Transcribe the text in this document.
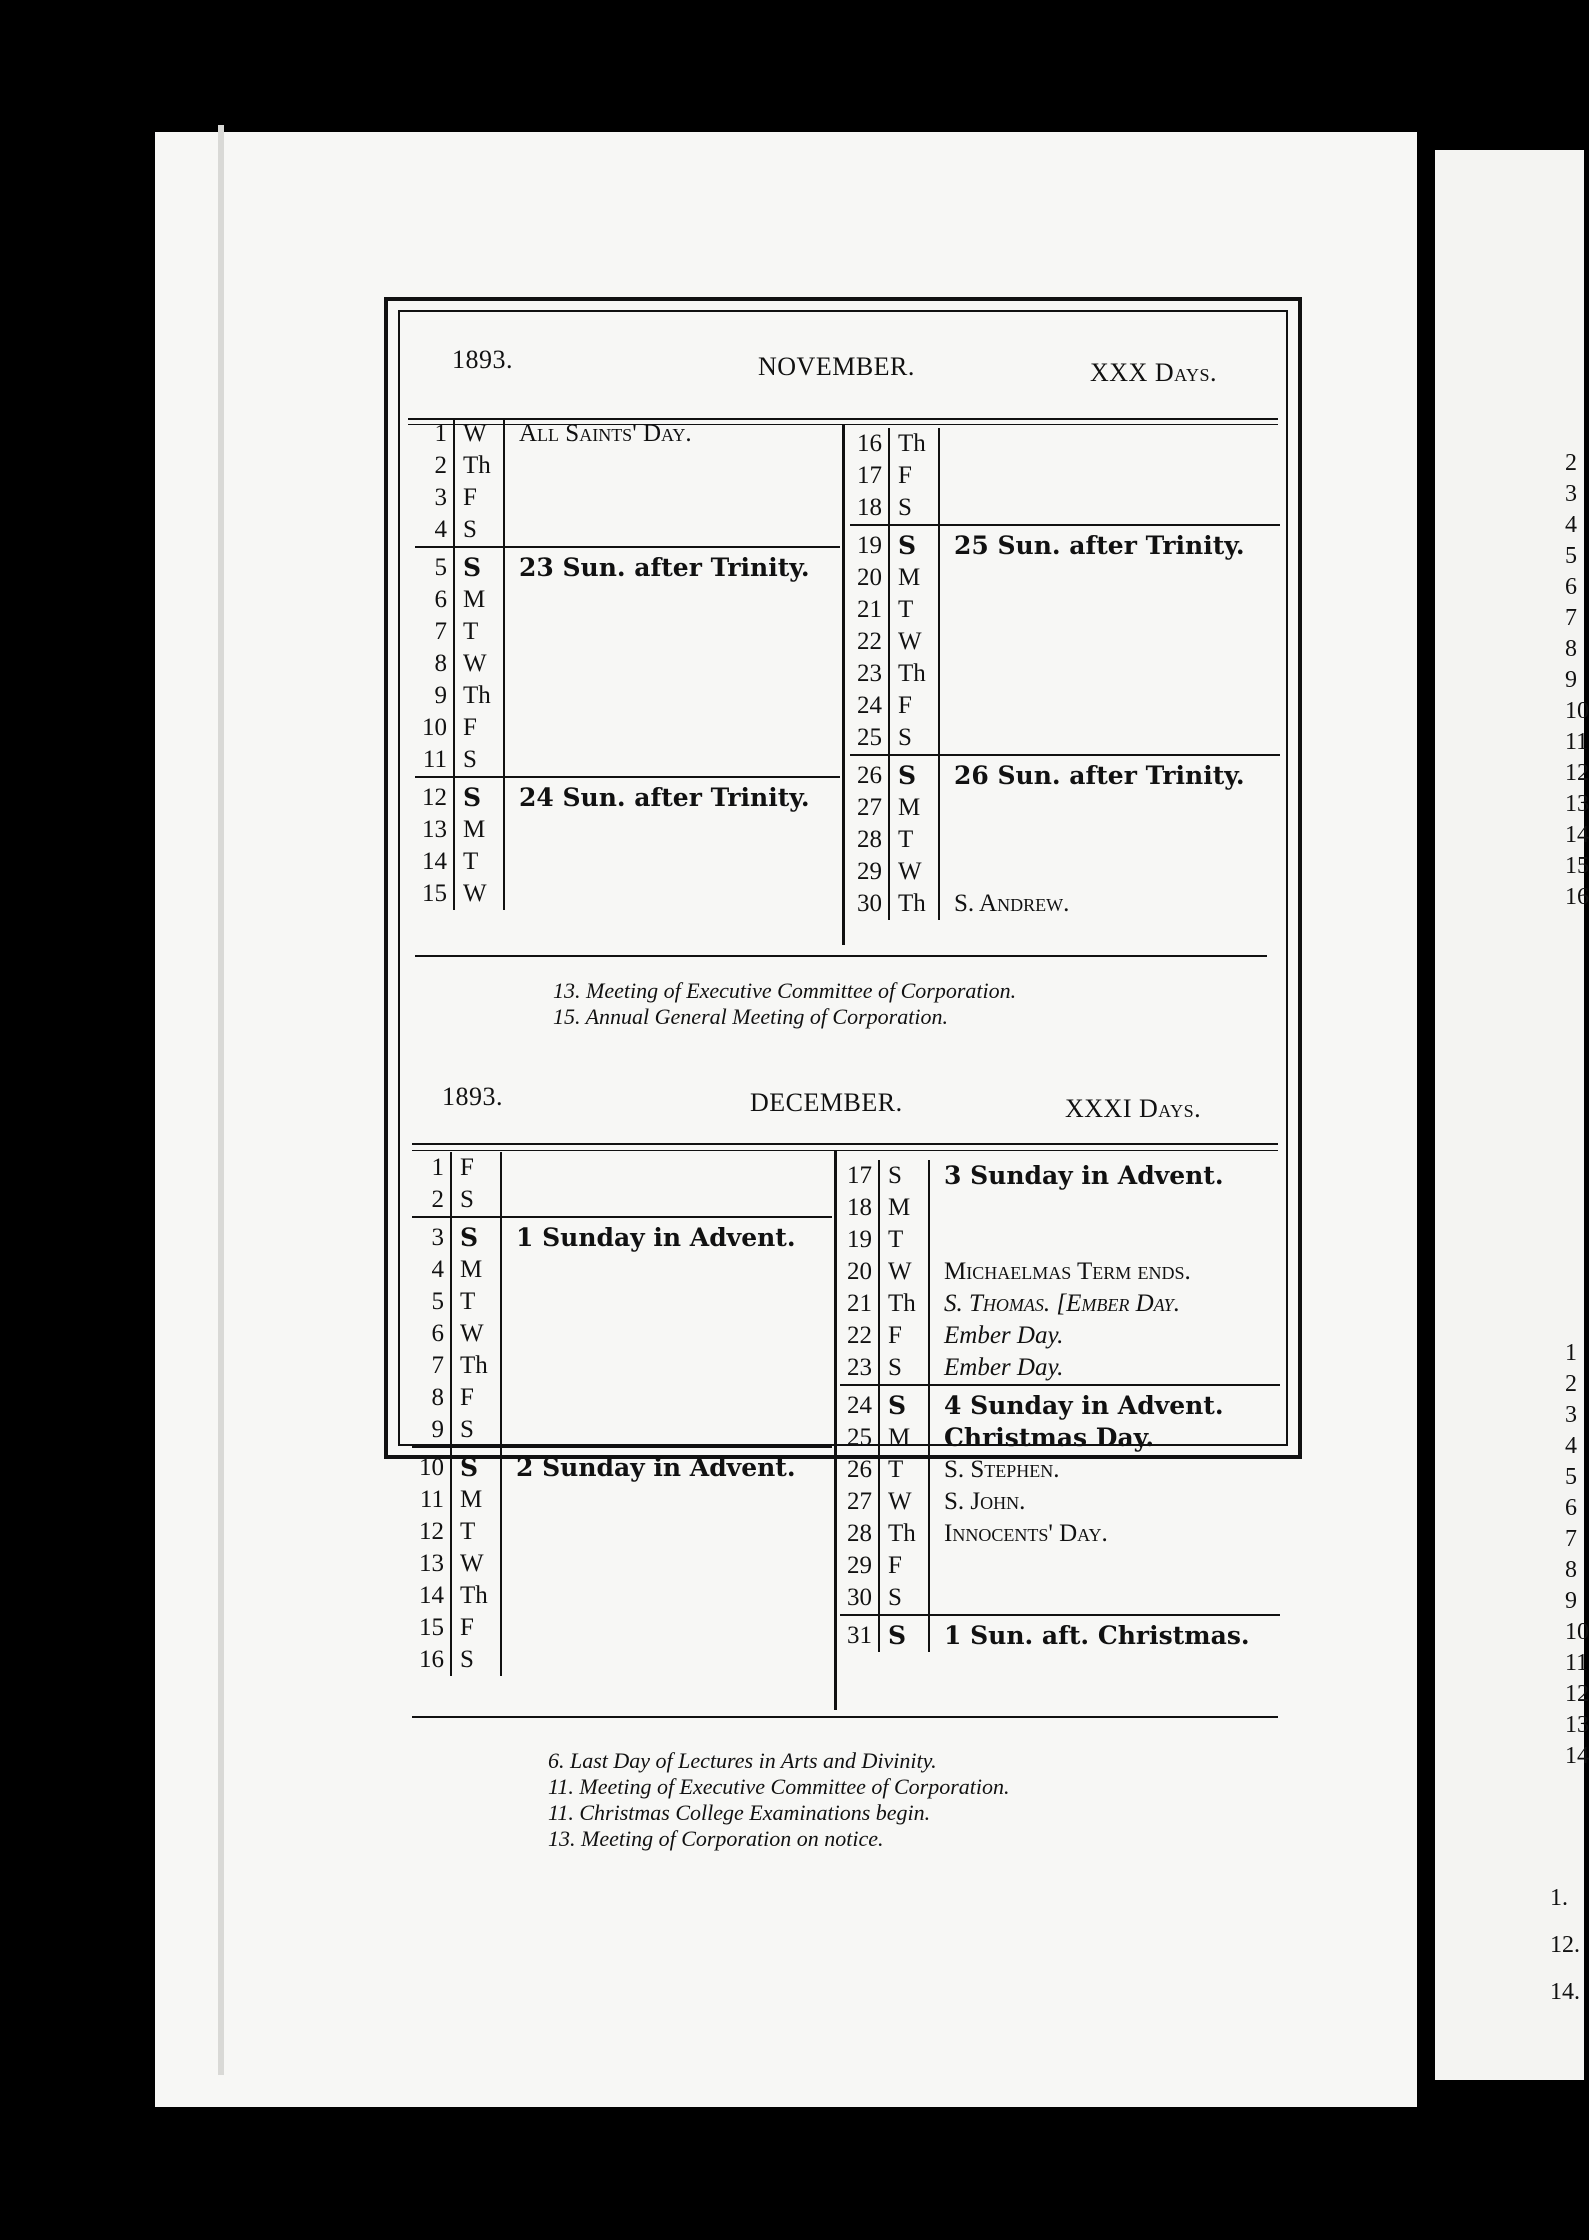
2
3
4
5
6
7
8
9
10
11
12
13
14
15
16
1
2
3
4
5
6
7
8
9
10
11
12
13
14
1.
12.
14.
1893.	NOVEMBER.	XXX Days.
1	W	All Saints' Day.
2	Th	
3	F	
4	S	
5	S	23 Sun. after Trinity.
6	M	
7	T	
8	W	
9	Th	
10	F	
11	S	
12	S	24 Sun. after Trinity.
13	M	
14	T	
15	W	
16	Th	
17	F	
18	S	
19	S	25 Sun. after Trinity.
20	M	
21	T	
22	W	
23	Th	
24	F	
25	S	
26	S	26 Sun. after Trinity.
27	M	
28	T	
29	W	
30	Th	S. Andrew.
13. Meeting of Executive Committee of Corporation.
15. Annual General Meeting of Corporation.
1893.	DECEMBER.	XXXI Days.
1	F	
2	S	
3	S	1 Sunday in Advent.
4	M	
5	T	
6	W	
7	Th	
8	F	
9	S	
10	S	2 Sunday in Advent.
11	M	
12	T	
13	W	
14	Th	
15	F	
16	S	
17	S	3 Sunday in Advent.
18	M	
19	T	
20	W	Michaelmas Term ends.
21	Th	S. Thomas. [Ember Day.
22	F	Ember Day.
23	S	Ember Day.
24	S	4 Sunday in Advent.
25	M	Christmas Day.
26	T	S. Stephen.
27	W	S. John.
28	Th	Innocents' Day.
29	F	
30	S	
31	S	1 Sun. aft. Christmas.
6. Last Day of Lectures in Arts and Divinity.
11. Meeting of Executive Committee of Corporation.
11. Christmas College Examinations begin.
13. Meeting of Corporation on notice.
